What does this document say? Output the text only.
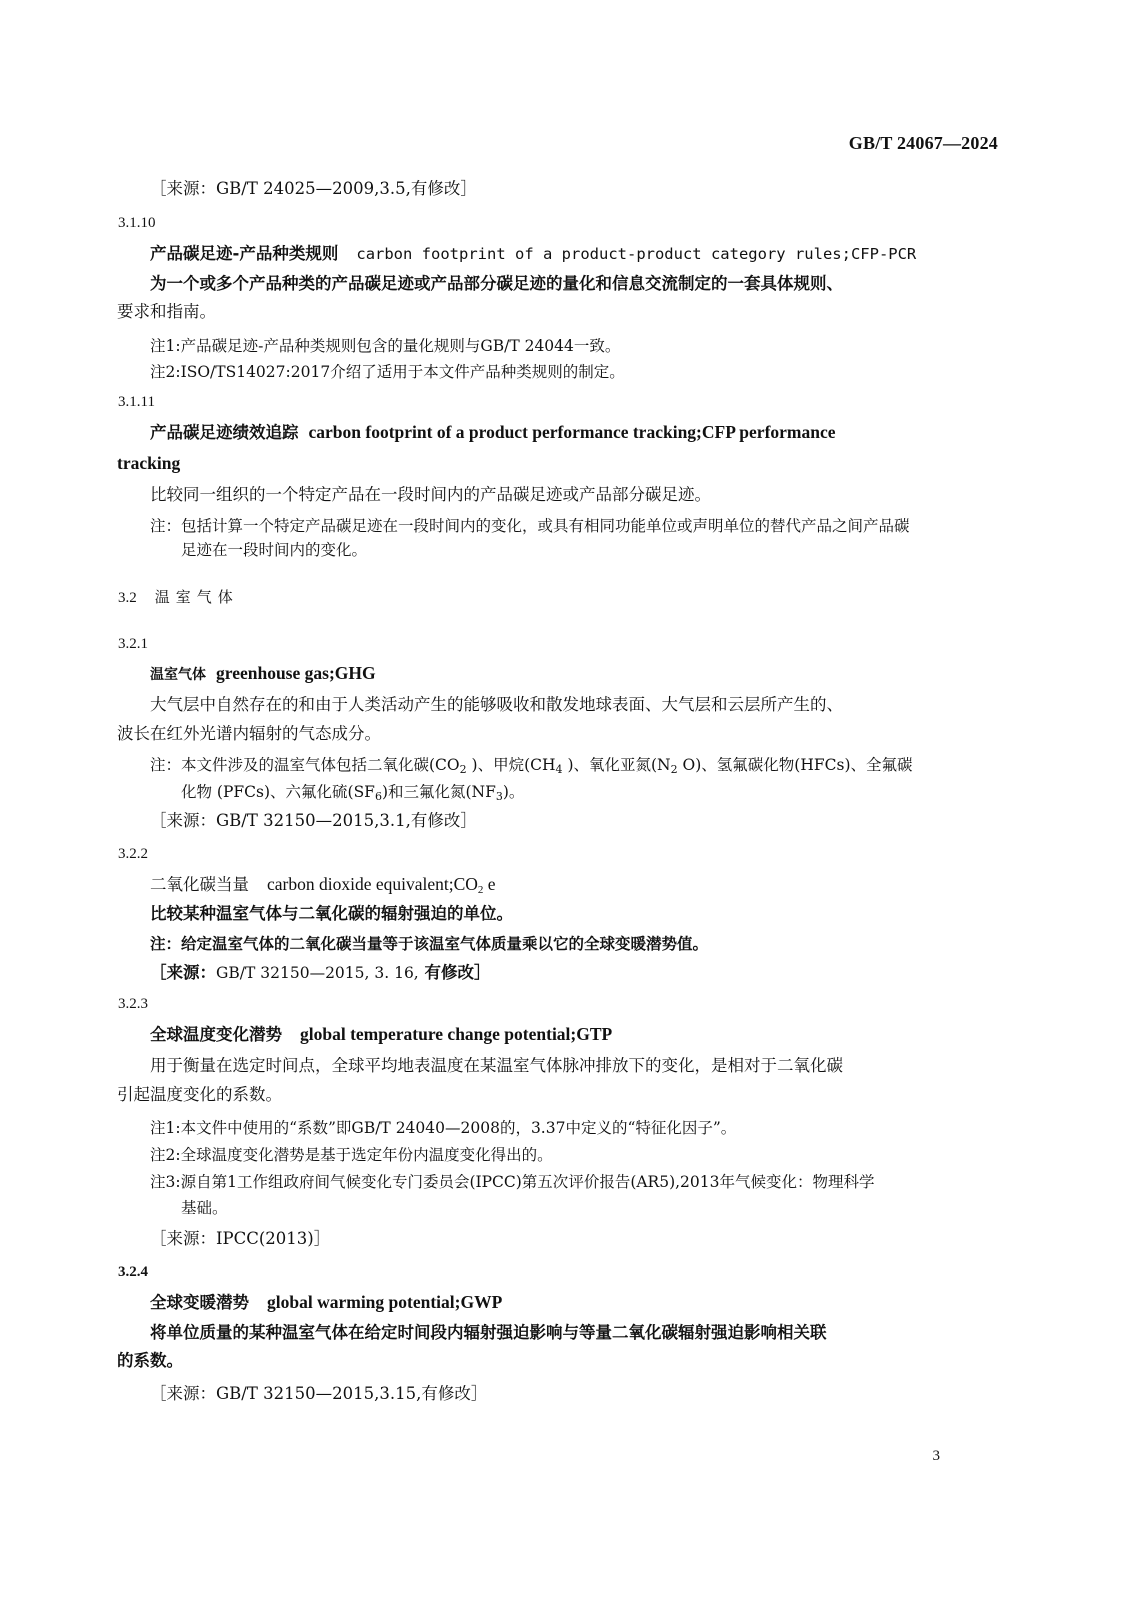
GB/T 24067—2024
［来源：GB/T 24025—2009,3.5,有修改］
3.1.10
产品碳足迹-产品种类规则 carbon footprint of a product-product category rules;CFP-PCR
为一个或多个产品种类的产品碳足迹或产品部分碳足迹的量化和信息交流制定的一套具体规则、
要求和指南。
注1:产品碳足迹-产品种类规则包含的量化规则与GB/T 24044一致。
注2:ISO/TS14027:2017介绍了适用于本文件产品种类规则的制定。
3.1.11
产品碳足迹绩效追踪 carbon footprint of a product performance tracking;CFP performance
tracking
比较同一组织的一个特定产品在一段时间内的产品碳足迹或产品部分碳足迹。
注：包括计算一个特定产品碳足迹在一段时间内的变化，或具有相同功能单位或声明单位的替代产品之间产品碳
足迹在一段时间内的变化。
3.2 温室气体
3.2.1
温室气体 greenhouse gas;GHG
大气层中自然存在的和由于人类活动产生的能够吸收和散发地球表面、大气层和云层所产生的、
波长在红外光谱内辐射的气态成分。
注：本文件涉及的温室气体包括二氧化碳($CO_2$ )、甲烷($CH_4$ )、氧化亚氮($N_2$ O)、氢氟碳化物(HFCs)、全氟碳
化物 (PFCs)、六氟化硫$(SF_6)$和三氟化氮$(NF_3)$。
［来源：GB/T 32150—2015,3.1,有修改］
3.2.2
二氧化碳当量 carbon dioxide $equivalent;CO_2$ e
比较某种温室气体与二氧化碳的辐射强迫的单位。
注：给定温室气体的二氧化碳当量等于该温室气体质量乘以它的全球变暖潜势值。
［来源：GB/T 32150—2015, 3. 16, 有修改］
3.2.3
全球温度变化潜势 global temperature change potential;GTP
用于衡量在选定时间点，全球平均地表温度在某温室气体脉冲排放下的变化，是相对于二氧化碳
引起温度变化的系数。
注1:本文件中使用的“系数”即GB/T 24040—2008的，3.37中定义的“特征化因子”。
注2:全球温度变化潜势是基于选定年份内温度变化得出的。
注3:源自第1工作组政府间气候变化专门委员会(IPCC)第五次评价报告(AR5),2013年气候变化：物理科学
基础。
［来源：IPCC(2013)］
3.2.4
全球变暖潜势 global warming potential;GWP
将单位质量的某种温室气体在给定时间段内辐射强迫影响与等量二氧化碳辐射强迫影响相关联
的系数。
［来源：GB/T 32150—2015,3.15,有修改］
3
